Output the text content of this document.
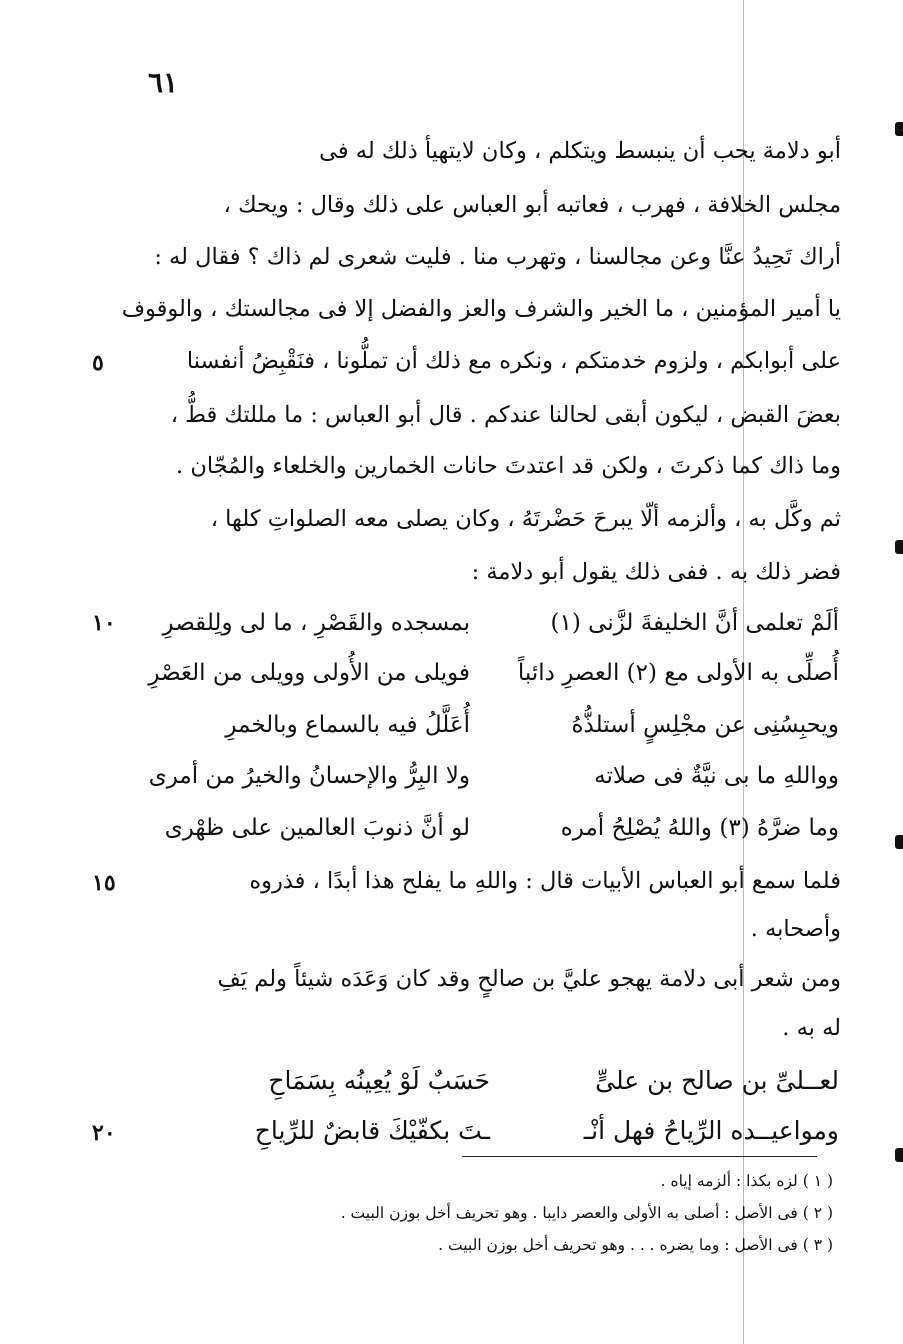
٦١
أبو دلامة يحب أن ينبسط ويتكلم ، وكان لايتهيأ ذلك له فى
مجلس الخلافة ، فهرب ، فعاتبه أبو العباس على ذلك وقال : ويحك ،
أراك تَحِيدُ عنَّا وعن مجالسنا ، وتهرب منا . فليت شعرى لم ذاك ؟ فقال له :
يا أمير المؤمنين ، ما الخير والشرف والعز والفضل إلا فى مجالستك ، والوقوف
على أبوابكم ، ولزوم خدمتكم ، ونكره مع ذلك أن تملُّونا ، فنَقْبِضُ أنفسنا
بعضَ القبض ، ليكون أبقى لحالنا عندكم . قال أبو العباس : ما مللتك قطُّ ،
وما ذاك كما ذكرتَ ، ولكن قد اعتدتَ حانات الخمارين والخلعاء والمُجّان .
ثم وكَّل به ، وألزمه ألّا يبرحَ حَضْرتَهُ ، وكان يصلى معه الصلواتِ كلها ،
فضر ذلك به . ففى ذلك يقول أبو دلامة :
٥
ألَمْ تعلمى أنَّ الخليفةَ لزَّنى (١)
بمسجده والقَصْرِ ، ما لى ولِلقصرِ
١٠
أُصلِّى به الأولى مع (٢) العصرِ دائباً
فويلى من الأُولى وويلى من العَصْرِ
ويحبِسُنِى عن مجْلِسٍ أستلذُّهُ
أُعَلَّلُ فيه بالسماع وبالخمرِ
وواللهِ ما بى نيَّةٌ فى صلاته
ولا البِرُّ والإحسانُ والخيرُ من أمرى
وما ضرَّهُ (٣) واللهُ يُصْلِحُ أمره
لو أنَّ ذنوبَ العالمين على ظهْرى
فلما سمع أبو العباس الأبيات قال : واللهِ ما يفلح هذا أبدًا ، فذروه
١٥
وأصحابه .
ومن شعر أبى دلامة يهجو عليَّ بن صالحٍ وقد كان وَعَدَه شيئاً ولم يَفِ
له به .
لعــلىِّ بن صالح بن علىٍّ
حَسَبٌ لَوْ يُعِينُه بِسَمَاحِ
ومواعيــده الرِّياحُ فهل أنْـ
ـتَ بكفّيْكَ قابضٌ للرِّياحِ
٢٠
( ١ ) لزه بكذا : ألزمه إياه .
( ٢ ) فى الأصل : أصلى به الأولى والعصر دايبا . وهو تحريف أخل بوزن البيت .
( ٣ ) فى الأصل : وما يضره . . . وهو تحريف أخل بوزن البيت .
